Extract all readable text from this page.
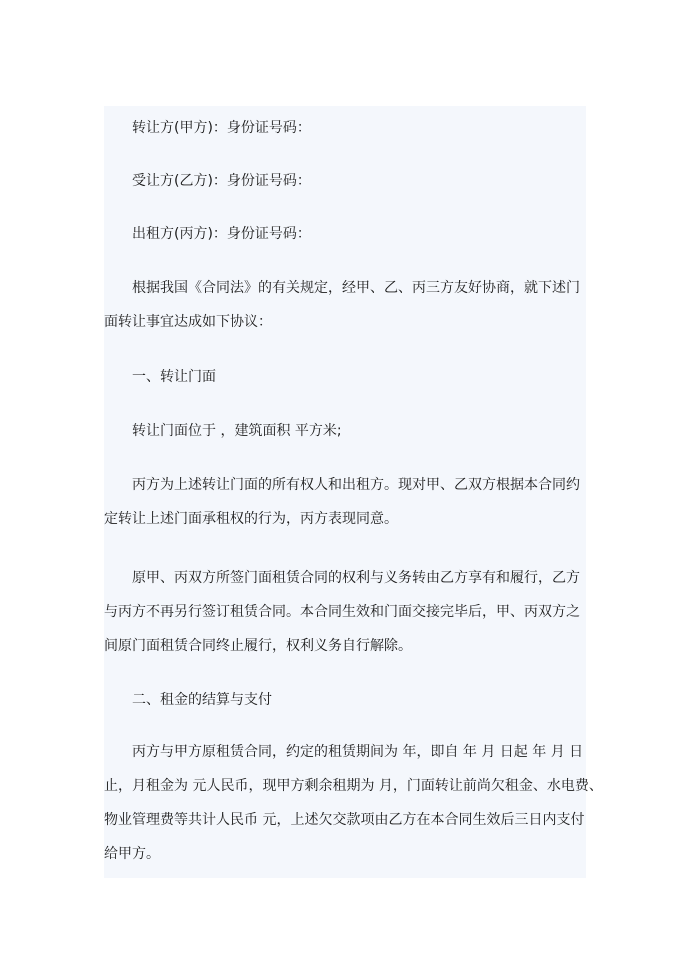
转让方(甲方)：身份证号码：
受让方(乙方)：身份证号码：
出租方(丙方)：身份证号码：
根据我国《合同法》的有关规定，经甲、乙、丙三方友好协商，就下述门
面转让事宜达成如下协议：
一、转让门面
转让门面位于 ，建筑面积 平方米;
丙方为上述转让门面的所有权人和出租方。现对甲、乙双方根据本合同约
定转让上述门面承租权的行为，丙方表现同意。
原甲、丙双方所签门面租赁合同的权利与义务转由乙方享有和履行，乙方
与丙方不再另行签订租赁合同。本合同生效和门面交接完毕后，甲、丙双方之
间原门面租赁合同终止履行，权利义务自行解除。
二、租金的结算与支付
丙方与甲方原租赁合同，约定的租赁期间为 年，即自 年 月 日起 年 月 日
止，月租金为 元人民币，现甲方剩余租期为 月，门面转让前尚欠租金、水电费、
物业管理费等共计人民币 元，上述欠交款项由乙方在本合同生效后三日内支付
给甲方。
